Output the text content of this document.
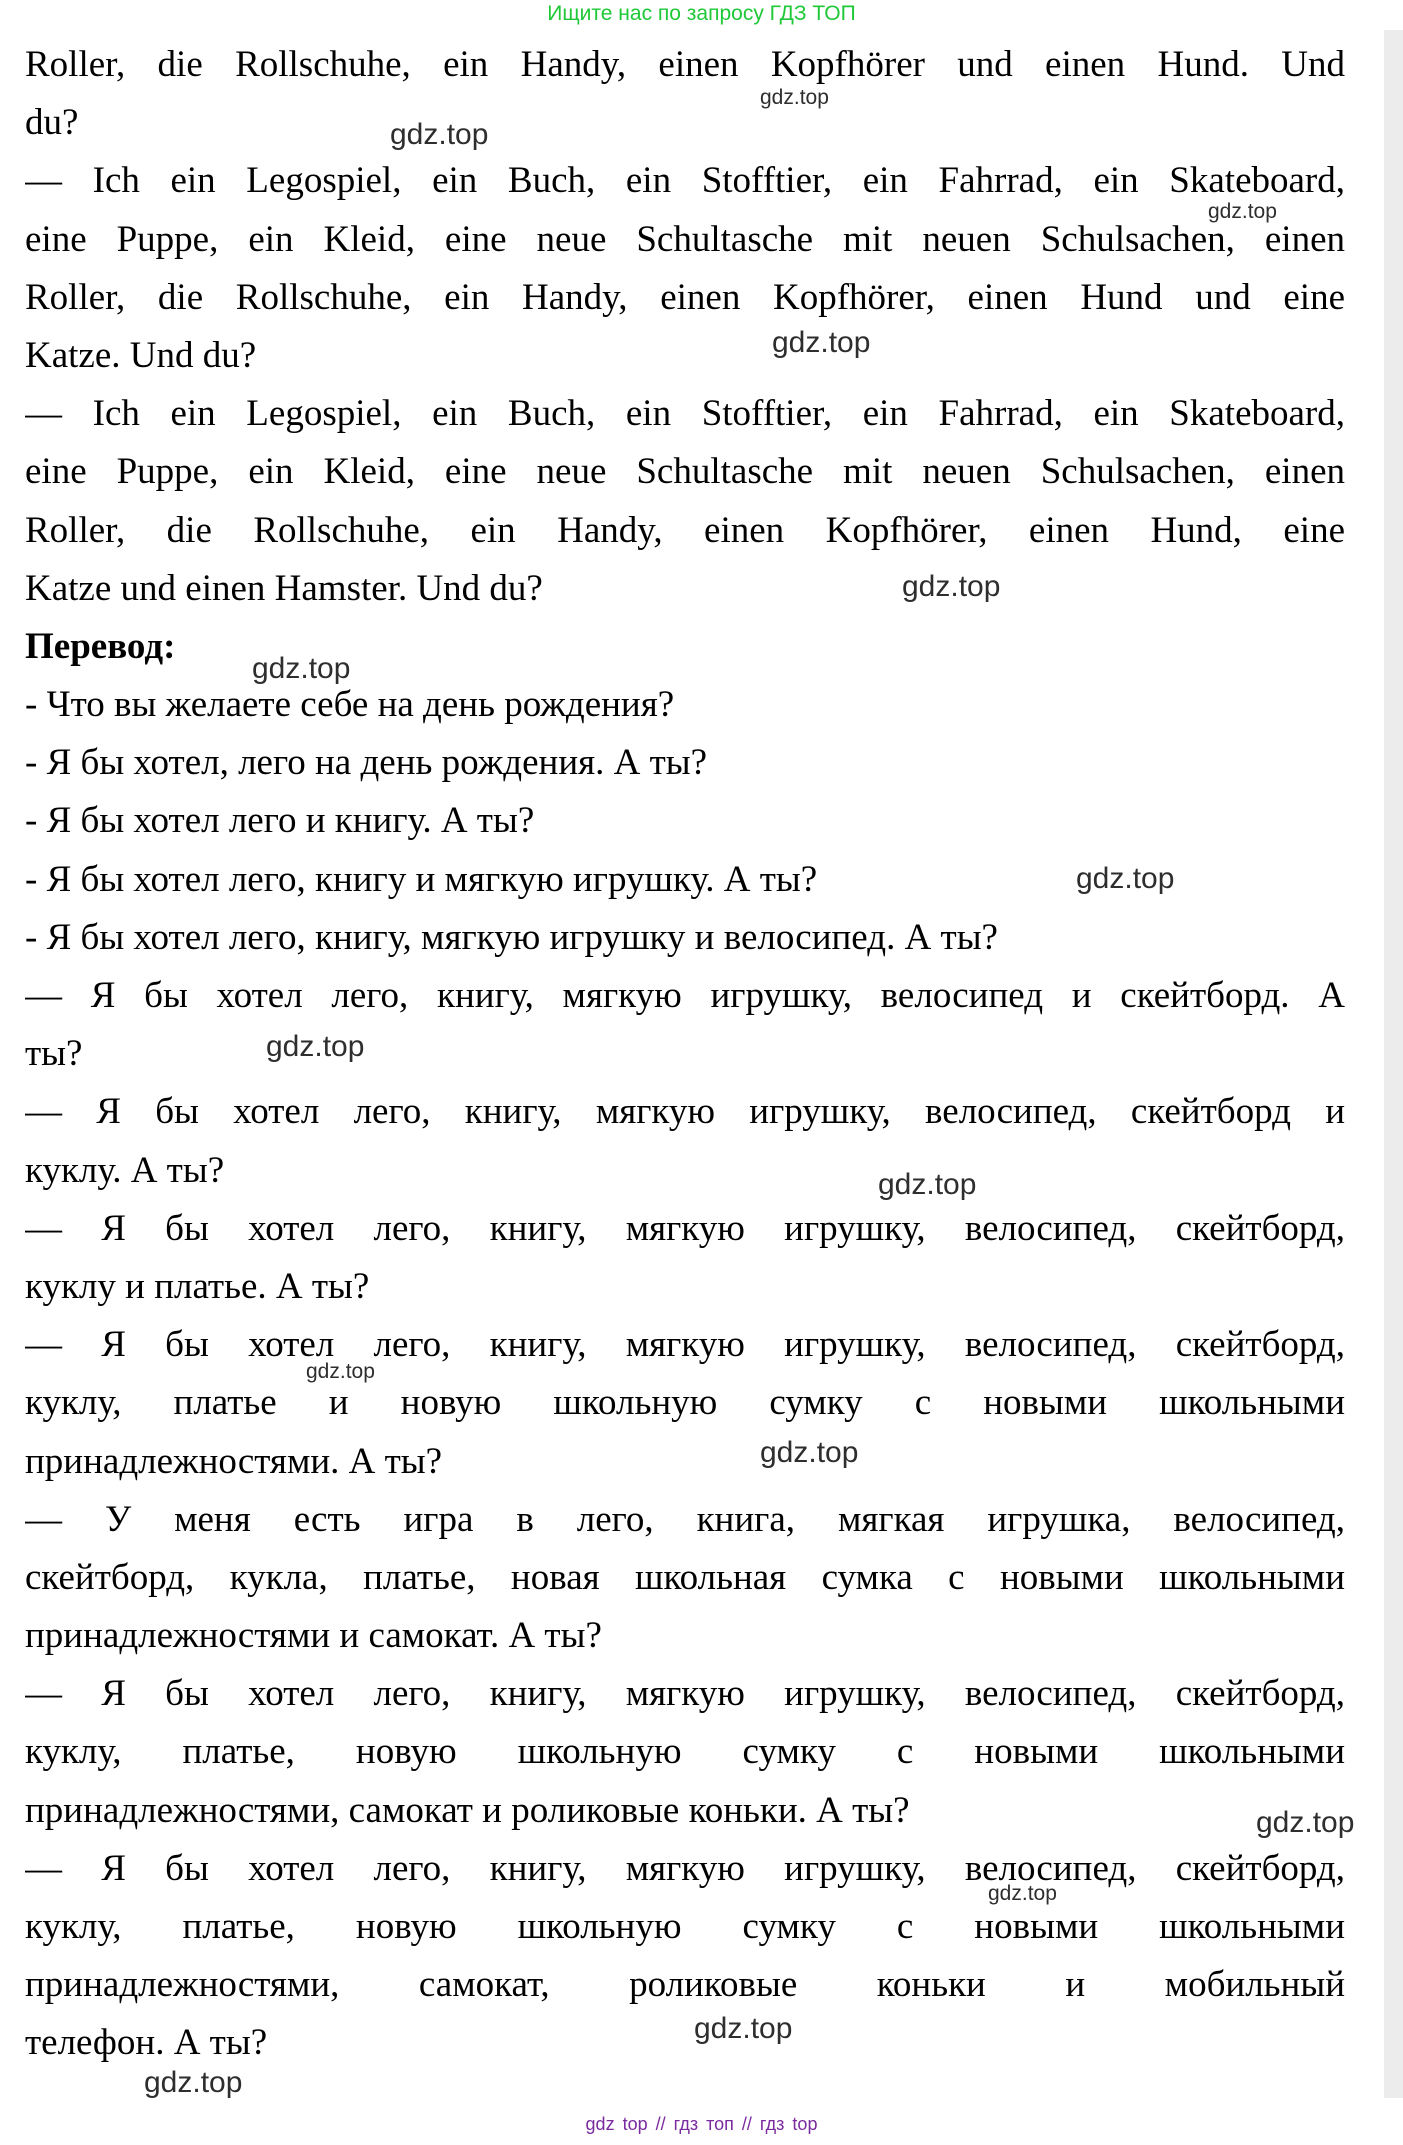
Ищите нас по запросу ГДЗ ТОП
Roller, die Rollschuhe, ein Handy, einen Kopfhörer und einen Hund. Und
du?
— Ich ein Legospiel, ein Buch, ein Stofftier, ein Fahrrad, ein Skateboard,
eine Puppe, ein Kleid, eine neue Schultasche mit neuen Schulsachen, einen
Roller, die Rollschuhe, ein Handy, einen Kopfhörer, einen Hund und eine
Katze. Und du?
— Ich ein Legospiel, ein Buch, ein Stofftier, ein Fahrrad, ein Skateboard,
eine Puppe, ein Kleid, eine neue Schultasche mit neuen Schulsachen, einen
Roller, die Rollschuhe, ein Handy, einen Kopfhörer, einen Hund, eine
Katze und einen Hamster. Und du?
Перевод:
- Что вы желаете себе на день рождения?
- Я бы хотел, лего на день рождения. А ты?
- Я бы хотел лего и книгу. А ты?
- Я бы хотел лего, книгу и мягкую игрушку. А ты?
- Я бы хотел лего, книгу, мягкую игрушку и велосипед. А ты?
— Я бы хотел лего, книгу, мягкую игрушку, велосипед и скейтборд. А
ты?
— Я бы хотел лего, книгу, мягкую игрушку, велосипед, скейтборд и
куклу. А ты?
— Я бы хотел лего, книгу, мягкую игрушку, велосипед, скейтборд,
куклу и платье. А ты?
— Я бы хотел лего, книгу, мягкую игрушку, велосипед, скейтборд,
куклу, платье и новую школьную сумку с новыми школьными
принадлежностями. А ты?
— У меня есть игра в лего, книга, мягкая игрушка, велосипед,
скейтборд, кукла, платье, новая школьная сумка с новыми школьными
принадлежностями и самокат. А ты?
— Я бы хотел лего, книгу, мягкую игрушку, велосипед, скейтборд,
куклу, платье, новую школьную сумку с новыми школьными
принадлежностями, самокат и роликовые коньки. А ты?
— Я бы хотел лего, книгу, мягкую игрушку, велосипед, скейтборд,
куклу, платье, новую школьную сумку с новыми школьными
принадлежностями, самокат, роликовые коньки и мобильный
телефон. А ты?
gdz.top
gdz.top
gdz.top
gdz.top
gdz.top
gdz.top
gdz.top
gdz.top
gdz.top
gdz.top
gdz.top
gdz.top
gdz.top
gdz.top
gdz.top
gdz top // гдз топ // гдз top
